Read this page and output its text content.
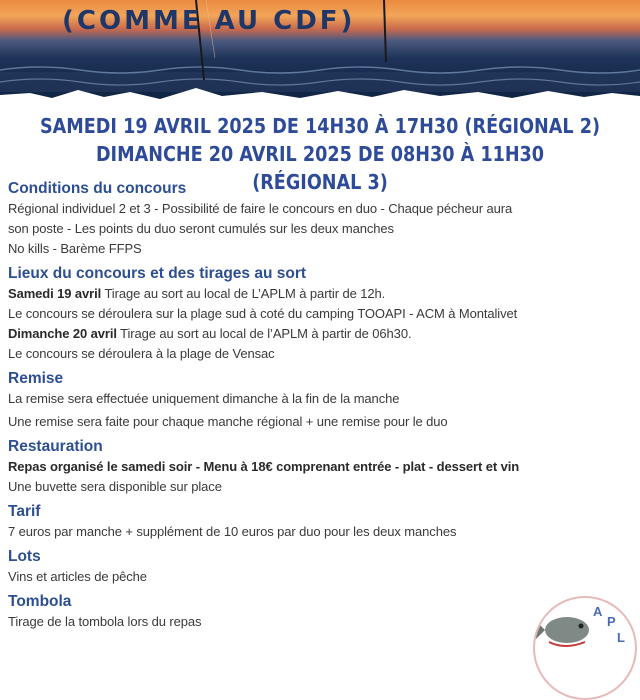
(COMME AU CDF)
SAMEDI 19 AVRIL 2025 DE 14H30 À 17H30 (RÉGIONAL 2)
DIMANCHE 20 AVRIL 2025 DE 08H30 À 11H30 (RÉGIONAL 3)
Conditions du concours
Régional individuel 2 et 3 - Possibilité de faire le concours en duo - Chaque pécheur aura
son poste - Les points du duo seront cumulés sur les deux manches
No kills - Barème FFPS
Lieux du concours et des tirages au sort
Samedi 19 avril Tirage au sort au local de L’APLM à partir de 12h.
Le concours se déroulera sur la plage sud à coté du camping TOOAPI - ACM à Montalivet
Dimanche 20 avril Tirage au sort au local de l’APLM à partir de 06h30.
Le concours se déroulera à la plage de Vensac
Remise
La remise sera effectuée uniquement dimanche à la fin de la manche
Une remise sera faite pour chaque manche régional + une remise pour le duo
Restauration
Repas organisé le samedi soir - Menu à 18€ comprenant entrée - plat - dessert et vin
Une buvette sera disponible sur place
Tarif
7 euros par manche + supplément de 10 euros par duo pour les deux manches
Lots
Vins et articles de pêche
Tombola
Tirage de la tombola lors du repas
A
P
L
